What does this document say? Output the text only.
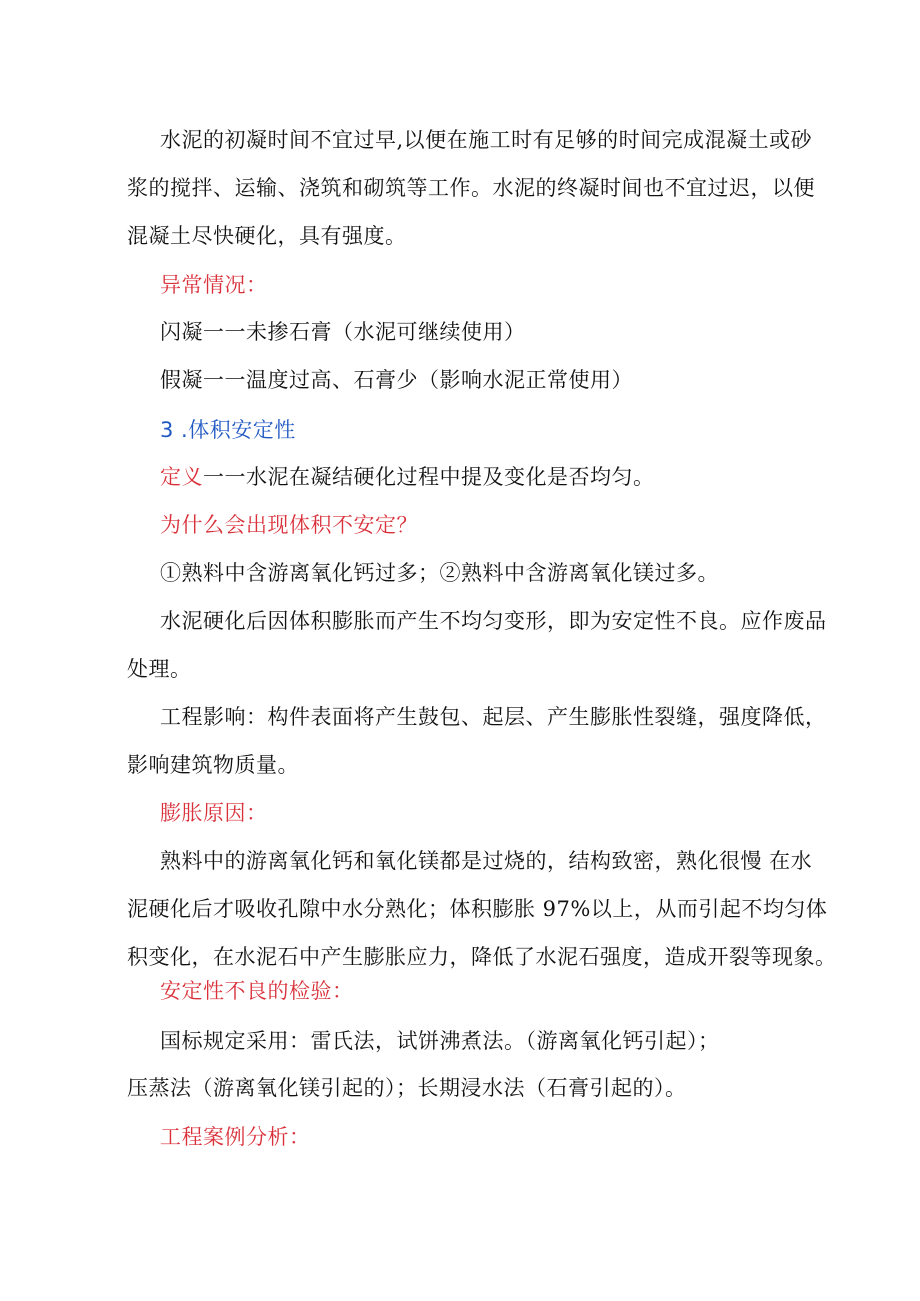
水泥的初凝时间不宜过早,以便在施工时有足够的时间完成混凝土或砂
浆的搅拌、运输、浇筑和砌筑等工作。水泥的终凝时间也不宜过迟，以便
混凝土尽快硬化，具有强度。
异常情况：
闪凝一一未掺石膏（水泥可继续使用）
假凝一一温度过高、石膏少（影响水泥正常使用）
3 .体积安定性
定义一一水泥在凝结硬化过程中提及变化是否均匀。
为什么会出现体积不安定？
①熟料中含游离氧化钙过多；②熟料中含游离氧化镁过多。
水泥硬化后因体积膨胀而产生不均匀变形，即为安定性不良。应作废品
处理。
工程影响：构件表面将产生鼓包、起层、产生膨胀性裂缝，强度降低，
影响建筑物质量。
膨胀原因：
熟料中的游离氧化钙和氧化镁都是过烧的，结构致密，熟化很慢 在水
泥硬化后才吸收孔隙中水分熟化；体积膨胀 97%以上，从而引起不均匀体
积变化，在水泥石中产生膨胀应力，降低了水泥石强度，造成开裂等现象。
安定性不良的检验：
国标规定采用：雷氏法，试饼沸煮法。（游离氧化钙引起）；
压蒸法（游离氧化镁引起的）；长期浸水法（石膏引起的）。
工程案例分析：
